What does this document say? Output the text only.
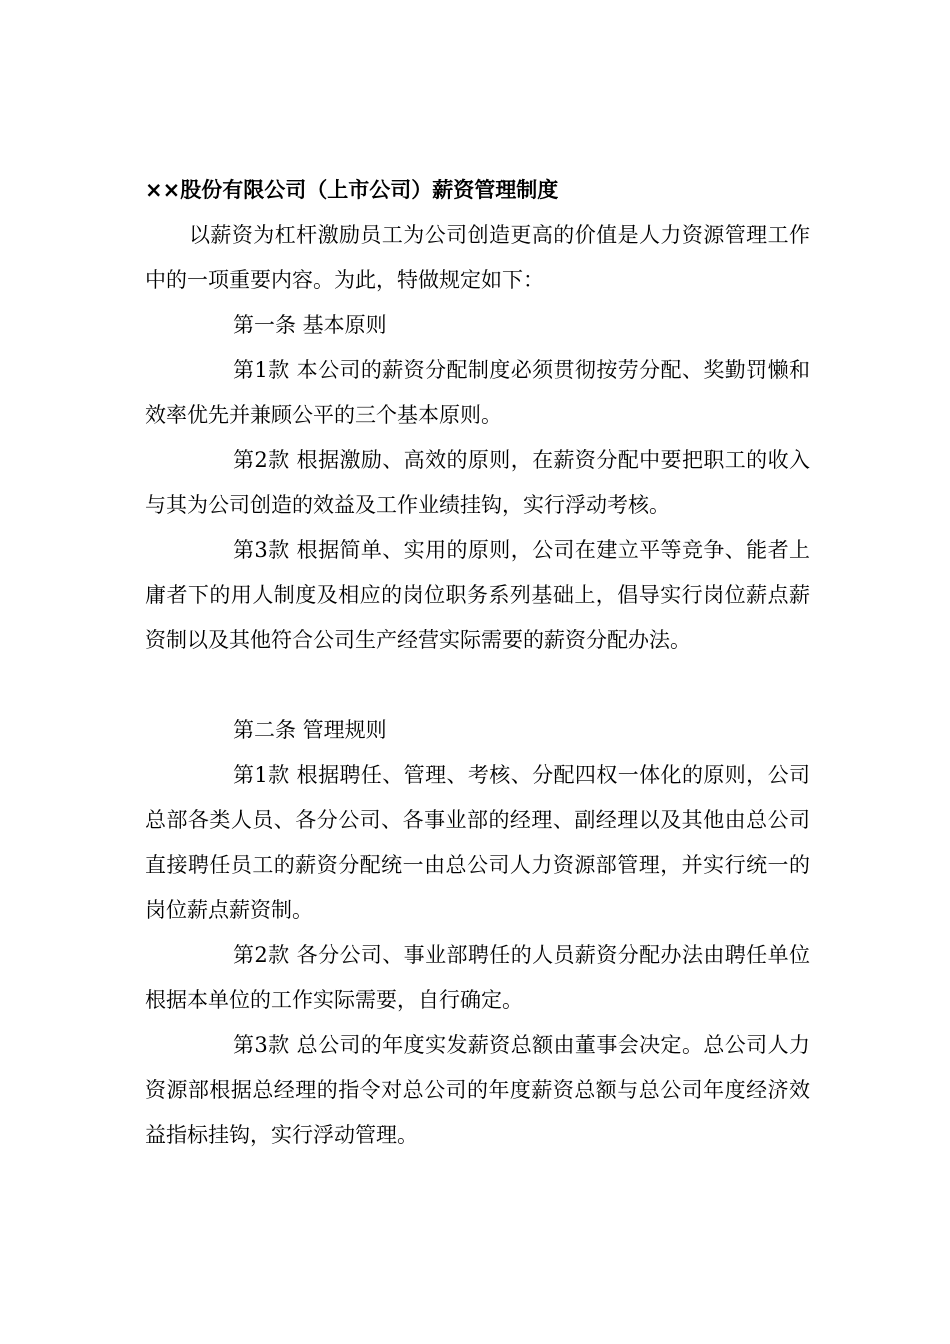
××股份有限公司（上市公司）薪资管理制度

以薪资为杠杆激励员工为公司创造更高的价值是人力资源管理工作中的一项重要内容。为此，特做规定如下：

第一条 基本原则

第1款 本公司的薪资分配制度必须贯彻按劳分配、奖勤罚懒和效率优先并兼顾公平的三个基本原则。

第2款 根据激励、高效的原则，在薪资分配中要把职工的收入与其为公司创造的效益及工作业绩挂钩，实行浮动考核。

第3款 根据简单、实用的原则，公司在建立平等竞争、能者上庸者下的用人制度及相应的岗位职务系列基础上，倡导实行岗位薪点薪资制以及其他符合公司生产经营实际需要的薪资分配办法。

第二条 管理规则

第1款 根据聘任、管理、考核、分配四权一体化的原则，公司总部各类人员、各分公司、各事业部的经理、副经理以及其他由总公司直接聘任员工的薪资分配统一由总公司人力资源部管理，并实行统一的岗位薪点薪资制。

第2款 各分公司、事业部聘任的人员薪资分配办法由聘任单位根据本单位的工作实际需要，自行确定。

第3款 总公司的年度实发薪资总额由董事会决定。总公司人力资源部根据总经理的指令对总公司的年度薪资总额与总公司年度经济效益指标挂钩，实行浮动管理。
